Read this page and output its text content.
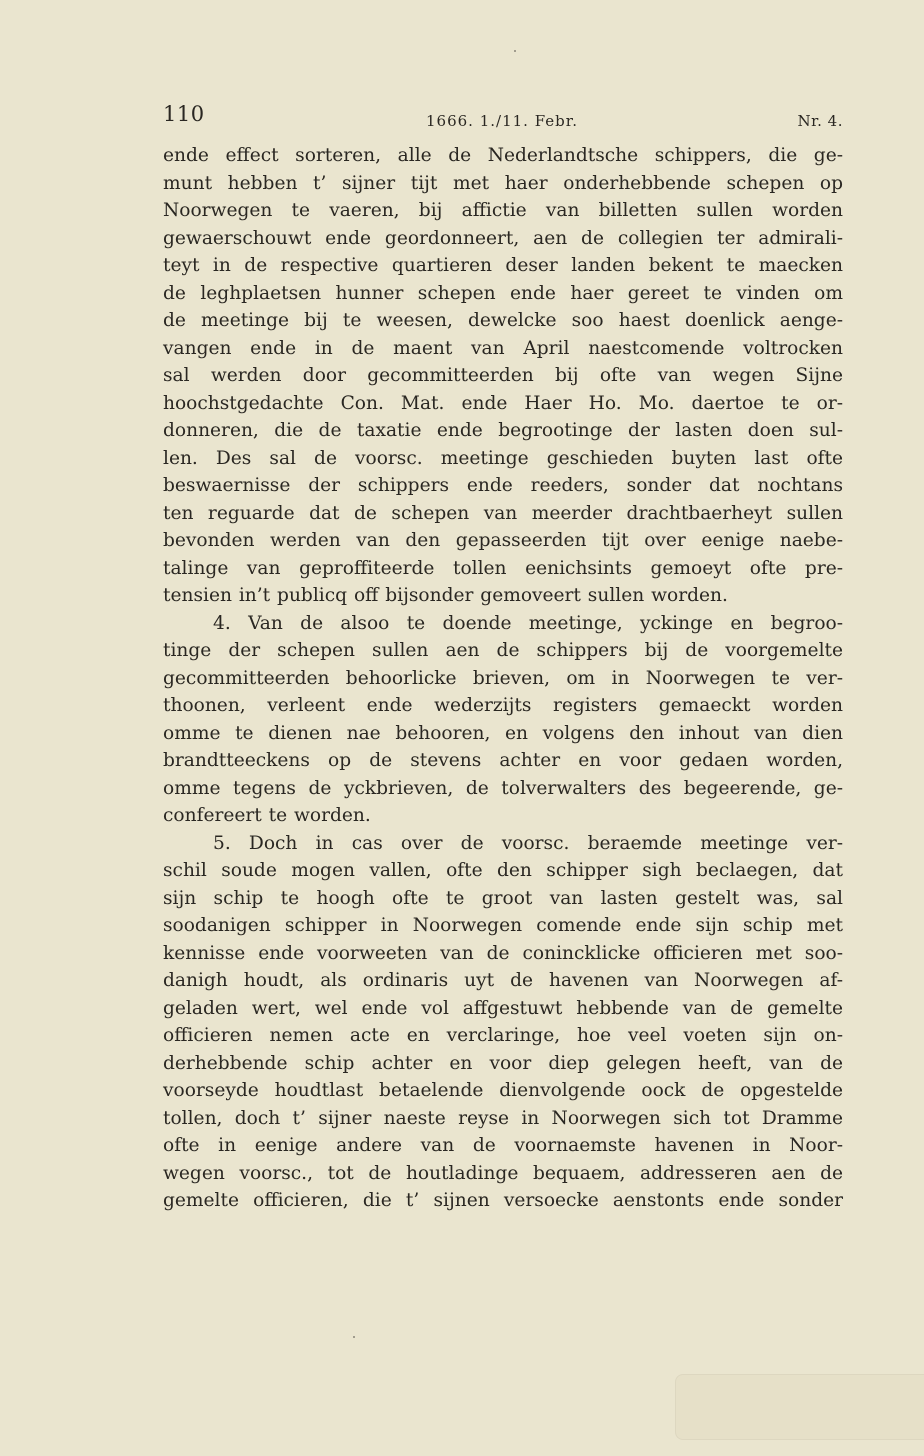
110	1666. 1./11. Febr.	Nr. 4.
ende effect sorteren, alle de Nederlandtsche schippers, die ge-
munt hebben t’ sijner tijt met haer onderhebbende schepen op
Noorwegen te vaeren, bij affictie van billetten sullen worden
gewaerschouwt ende geordonneert, aen de collegien ter admirali-
teyt in de respective quartieren deser landen bekent te maecken
de leghplaetsen hunner schepen ende haer gereet te vinden om
de meetinge bij te weesen, dewelcke soo haest doenlick aenge-
vangen ende in de maent van April naestcomende voltrocken
sal werden door gecommitteerden bij ofte van wegen Sijne
hoochstgedachte Con. Mat. ende Haer Ho. Mo. daertoe te or-
donneren, die de taxatie ende begrootinge der lasten doen sul-
len. Des sal de voorsc. meetinge geschieden buyten last ofte
beswaernisse der schippers ende reeders, sonder dat nochtans
ten reguarde dat de schepen van meerder drachtbaerheyt sullen
bevonden werden van den gepasseerden tijt over eenige naebe-
talinge van geproffiteerde tollen eenichsints gemoeyt ofte pre-
tensien in’t publicq off bijsonder gemoveert sullen worden.
4. Van de alsoo te doende meetinge, yckinge en begroo-
tinge der schepen sullen aen de schippers bij de voorgemelte
gecommitteerden behoorlicke brieven, om in Noorwegen te ver-
thoonen, verleent ende wederzijts registers gemaeckt worden
omme te dienen nae behooren, en volgens den inhout van dien
brandtteeckens op de stevens achter en voor gedaen worden,
omme tegens de yckbrieven, de tolverwalters des begeerende, ge-
confereert te worden.
5. Doch in cas over de voorsc. beraemde meetinge ver-
schil soude mogen vallen, ofte den schipper sigh beclaegen, dat
sijn schip te hoogh ofte te groot van lasten gestelt was, sal
soodanigen schipper in Noorwegen comende ende sijn schip met
kennisse ende voorweeten van de conincklicke officieren met soo-
danigh houdt, als ordinaris uyt de havenen van Noorwegen af-
geladen wert, wel ende vol affgestuwt hebbende van de gemelte
officieren nemen acte en verclaringe, hoe veel voeten sijn on-
derhebbende schip achter en voor diep gelegen heeft, van de
voorseyde houdtlast betaelende dienvolgende oock de opgestelde
tollen, doch t’ sijner naeste reyse in Noorwegen sich tot Dramme
ofte in eenige andere van de voornaemste havenen in Noor-
wegen voorsc., tot de houtladinge bequaem, addresseren aen de
gemelte officieren, die t’ sijnen versoecke aenstonts ende sonder
